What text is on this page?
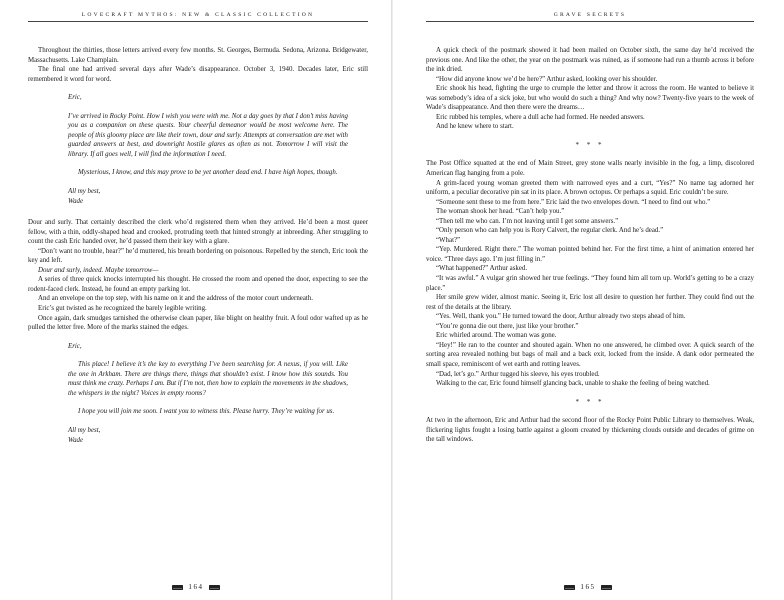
LOVECRAFT MYTHOS: NEW & CLASSIC COLLECTION

Throughout the thirties, those letters arrived every few months. St. Georges, Bermuda. Sedona, Arizona. Bridgewater, Massachusetts. Lake Champlain.

The final one had arrived several days after Wade’s disappearance. October 3, 1940. Decades later, Eric still remembered it word for word.

Eric,

I’ve arrived in Rocky Point. How I wish you were with me. Not a day goes by that I don’t miss having you as a companion on these quests. Your cheerful demeanor would be most welcome here. The people of this gloomy place are like their town, dour and surly. Attempts at conversation are met with guarded answers at best, and downright hostile glares as often as not. Tomorrow I will visit the library. If all goes well, I will find the information I need.

Mysterious, I know, and this may prove to be yet another dead end. I have high hopes, though.

All my best,

Wade

Dour and surly. That certainly described the clerk who’d registered them when they arrived. He’d been a most queer fellow, with a thin, oddly-shaped head and crooked, protruding teeth that hinted strongly at inbreeding. After struggling to count the cash Eric handed over, he’d passed them their key with a glare.

“Don’t want no trouble, hear?” he’d muttered, his breath bordering on poisonous. Repelled by the stench, Eric took the key and left.

Dour and surly, indeed. Maybe tomorrow—

A series of three quick knocks interrupted his thought. He crossed the room and opened the door, expecting to see the rodent-faced clerk. Instead, he found an empty parking lot.

And an envelope on the top step, with his name on it and the address of the motor court underneath.

Eric’s gut twisted as he recognized the barely legible writing.

Once again, dark smudges tarnished the otherwise clean paper, like blight on healthy fruit. A foul odor wafted up as he pulled the letter free. More of the marks stained the edges.

Eric,

This place! I believe it’s the key to everything I’ve been searching for. A nexus, if you will. Like the one in Arkham. There are things there, things that shouldn’t exist. I know how this sounds. You must think me crazy. Perhaps I am. But if I’m not, then how to explain the movements in the shadows, the whispers in the night? Voices in empty rooms?

I hope you will join me soon. I want you to witness this. Please hurry. They’re waiting for us.

All my best,

Wade

164
GRAVE SECRETS

A quick check of the postmark showed it had been mailed on October sixth, the same day he’d received the previous one. And like the other, the year on the postmark was ruined, as if someone had run a thumb across it before the ink dried.

“How did anyone know we’d be here?” Arthur asked, looking over his shoulder.

Eric shook his head, fighting the urge to crumple the letter and throw it across the room. He wanted to believe it was somebody’s idea of a sick joke, but who would do such a thing? And why now? Twenty-five years to the week of Wade’s disappearance. And then there were the dreams…

Eric rubbed his temples, where a dull ache had formed. He needed answers.

And he knew where to start.

* * *

The Post Office squatted at the end of Main Street, grey stone walls nearly invisible in the fog, a limp, discolored American flag hanging from a pole.

A grim-faced young woman greeted them with narrowed eyes and a curt, “Yes?” No name tag adorned her uniform, a peculiar decorative pin sat in its place. A brown octopus. Or perhaps a squid. Eric couldn’t be sure.

“Someone sent these to me from here.” Eric laid the two envelopes down. “I need to find out who.”

The woman shook her head. “Can’t help you.”

“Then tell me who can. I’m not leaving until I get some answers.”

“Only person who can help you is Rory Calvert, the regular clerk. And he’s dead.”

“What?”

“Yep. Murdered. Right there.” The woman pointed behind her. For the first time, a hint of animation entered her voice. “Three days ago. I’m just filling in.”

“What happened?” Arthur asked.

“It was awful.” A vulgar grin showed her true feelings. “They found him all torn up. World’s getting to be a crazy place.”

Her smile grew wider, almost manic. Seeing it, Eric lost all desire to question her further. They could find out the rest of the details at the library.

“Yes. Well, thank you.” He turned toward the door, Arthur already two steps ahead of him.

“You’re gonna die out there, just like your brother.”

Eric whirled around. The woman was gone.

“Hey!” He ran to the counter and shouted again. When no one answered, he climbed over. A quick search of the sorting area revealed nothing but bags of mail and a back exit, locked from the inside. A dank odor permeated the small space, reminiscent of wet earth and rotting leaves.

“Dad, let’s go.” Arthur tugged his sleeve, his eyes troubled.

Walking to the car, Eric found himself glancing back, unable to shake the feeling of being watched.

* * *

At two in the afternoon, Eric and Arthur had the second floor of the Rocky Point Public Library to themselves. Weak, flickering lights fought a losing battle against a gloom created by thickening clouds outside and decades of grime on the tall windows.

165
